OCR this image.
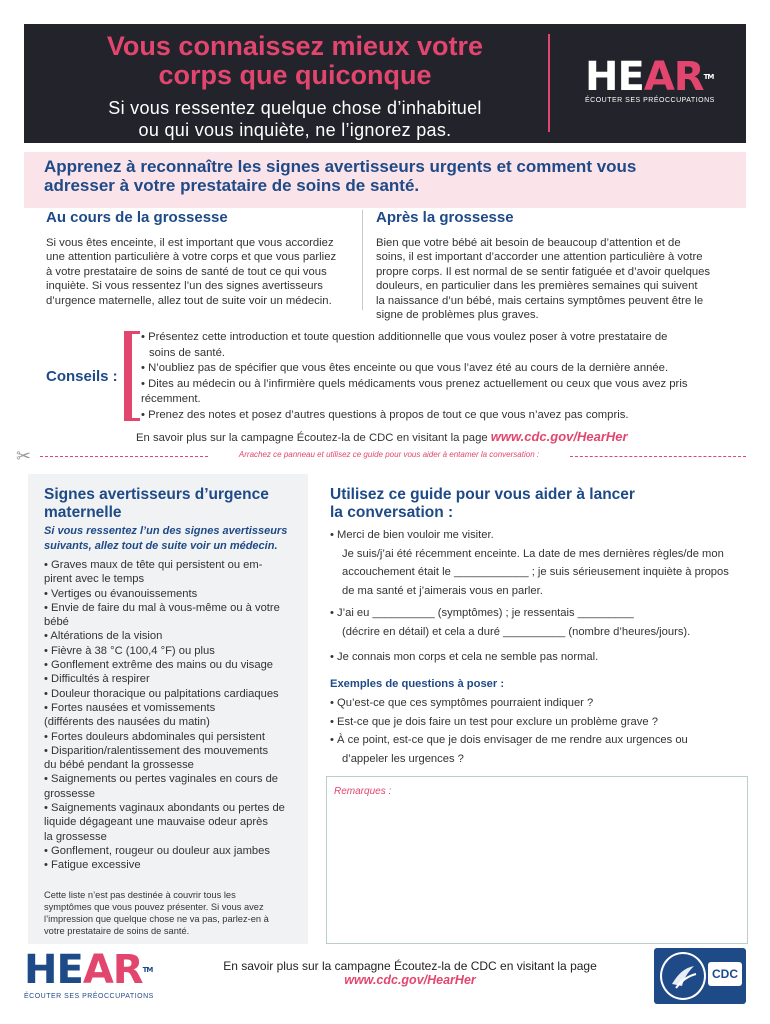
Vous connaissez mieux votre
corps que quiconque
Si vous ressentez quelque chose d’inhabituel
ou qui vous inquiète, ne l’ignorez pas.
HEAR™
ÉCOUTER SES PRÉOCCUPATIONS
Apprenez à reconnaître les signes avertisseurs urgents et comment vous
adresser à votre prestataire de soins de santé.
Au cours de la grossesse
Si vous êtes enceinte, il est important que vous accordiez
une attention particulière à votre corps et que vous parliez
à votre prestataire de soins de santé de tout ce qui vous
inquiète. Si vous ressentez l’un des signes avertisseurs
d’urgence maternelle, allez tout de suite voir un médecin.
Après la grossesse
Bien que votre bébé ait besoin de beaucoup d’attention et de
soins, il est important d’accorder une attention particulière à votre
propre corps. Il est normal de se sentir fatiguée et d’avoir quelques
douleurs, en particulier dans les premières semaines qui suivent
la naissance d’un bébé, mais certains symptômes peuvent être le
signe de problèmes plus graves.
Conseils :
• Présentez cette introduction et toute question additionnelle que vous voulez poser à votre prestataire de
soins de santé.
• N’oubliez pas de spécifier que vous êtes enceinte ou que vous l’avez été au cours de la dernière année.
• Dites au médecin ou à l’infirmière quels médicaments vous prenez actuellement ou ceux que vous avez pris
récemment.
• Prenez des notes et posez d’autres questions à propos de tout ce que vous n’avez pas compris.
En savoir plus sur la campagne Écoutez-la de CDC en visitant la page www.cdc.gov/HearHer
✂	Arrachez ce panneau et utilisez ce guide pour vous aider à entamer la conversation :
Signes avertisseurs d’urgence
maternelle
Si vous ressentez l’un des signes avertisseurs
suivants, allez tout de suite voir un médecin.
• Graves maux de tête qui persistent ou em-
pirent avec le temps
• Vertiges ou évanouissements
• Envie de faire du mal à vous-même ou à votre
bébé
• Altérations de la vision
• Fièvre à 38 °C (100,4 °F) ou plus
• Gonflement extrême des mains ou du visage
• Difficultés à respirer
• Douleur thoracique ou palpitations cardiaques
• Fortes nausées et vomissements
(différents des nausées du matin)
• Fortes douleurs abdominales qui persistent
• Disparition/ralentissement des mouvements
du bébé pendant la grossesse
• Saignements ou pertes vaginales en cours de
grossesse
• Saignements vaginaux abondants ou pertes de
liquide dégageant une mauvaise odeur après
la grossesse
• Gonflement, rougeur ou douleur aux jambes
• Fatigue excessive
Cette liste n’est pas destinée à couvrir tous les
symptômes que vous pouvez présenter. Si vous avez
l’impression que quelque chose ne va pas, parlez-en à
votre prestataire de soins de santé.
Utilisez ce guide pour vous aider à lancer
la conversation :
• Merci de bien vouloir me visiter.
Je suis/j’ai été récemment enceinte. La date de mes dernières règles/de mon
accouchement était le ____________ ; je suis sérieusement inquiète à propos
de ma santé et j’aimerais vous en parler.
• J’ai eu __________ (symptômes) ; je ressentais _________
(décrire en détail) et cela a duré __________ (nombre d’heures/jours).
• Je connais mon corps et cela ne semble pas normal.
Exemples de questions à poser :
• Qu’est-ce que ces symptômes pourraient indiquer ?
• Est-ce que je dois faire un test pour exclure un problème grave ?
• À ce point, est-ce que je dois envisager de me rendre aux urgences ou
d’appeler les urgences ?
Remarques :
HEAR™
ÉCOUTER SES PRÉOCCUPATIONS
En savoir plus sur la campagne Écoutez-la de CDC en visitant la page
www.cdc.gov/HearHer	CDC
